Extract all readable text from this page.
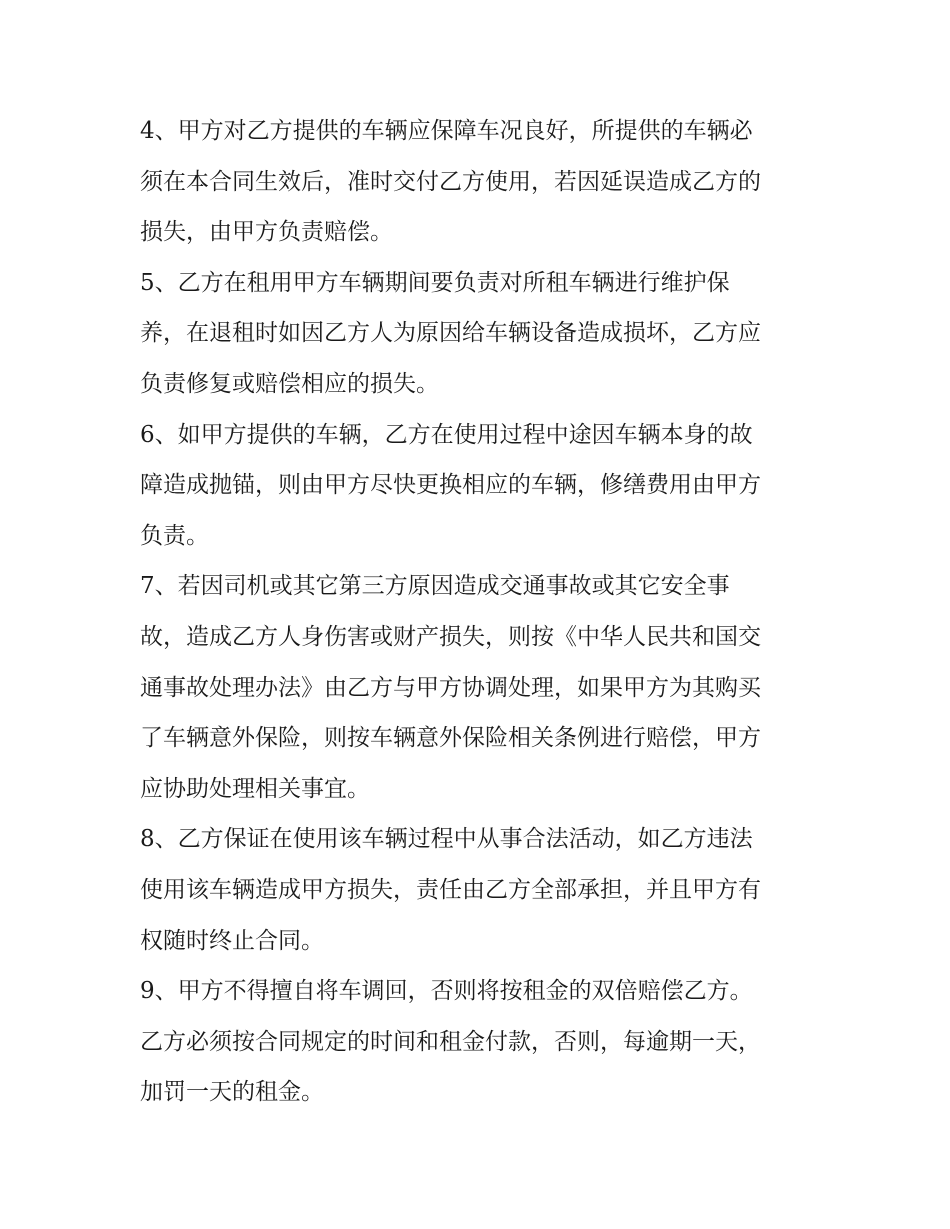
4、甲方对乙方提供的车辆应保障车况良好，所提供的车辆必
须在本合同生效后，准时交付乙方使用，若因延误造成乙方的
损失，由甲方负责赔偿。
5、乙方在租用甲方车辆期间要负责对所租车辆进行维护保
养，在退租时如因乙方人为原因给车辆设备造成损坏，乙方应
负责修复或赔偿相应的损失。
6、如甲方提供的车辆，乙方在使用过程中途因车辆本身的故
障造成抛锚，则由甲方尽快更换相应的车辆，修缮费用由甲方
负责。
7、若因司机或其它第三方原因造成交通事故或其它安全事
故，造成乙方人身伤害或财产损失，则按《中华人民共和国交
通事故处理办法》由乙方与甲方协调处理，如果甲方为其购买
了车辆意外保险，则按车辆意外保险相关条例进行赔偿，甲方
应协助处理相关事宜。
8、乙方保证在使用该车辆过程中从事合法活动，如乙方违法
使用该车辆造成甲方损失，责任由乙方全部承担，并且甲方有
权随时终止合同。
9、甲方不得擅自将车调回，否则将按租金的双倍赔偿乙方。
乙方必须按合同规定的时间和租金付款，否则，每逾期一天，
加罚一天的租金。
